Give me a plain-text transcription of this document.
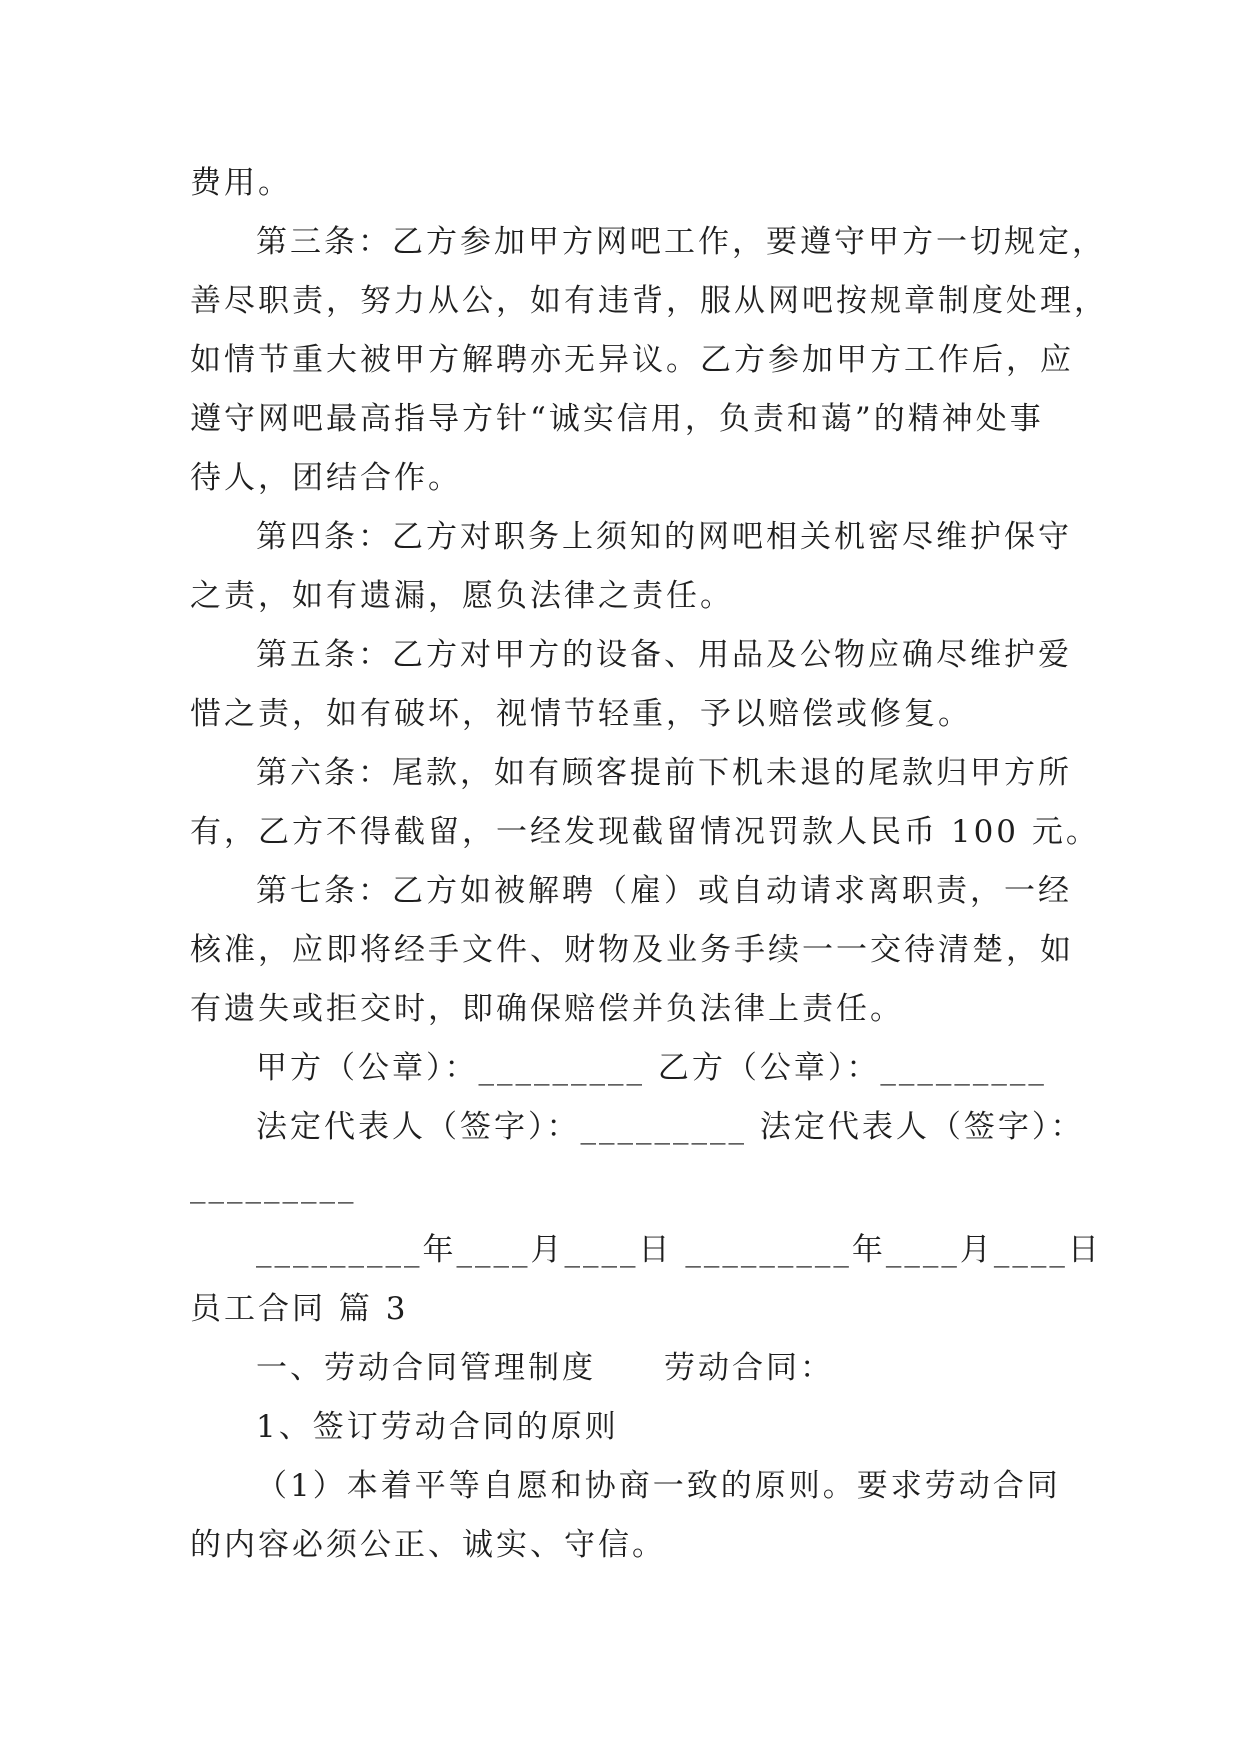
费用。
第三条：乙方参加甲方网吧工作，要遵守甲方一切规定，
善尽职责，努力从公，如有违背，服从网吧按规章制度处理，
如情节重大被甲方解聘亦无异议。乙方参加甲方工作后，应
遵守网吧最高指导方针“诚实信用，负责和蔼”的精神处事
待人，团结合作。
第四条：乙方对职务上须知的网吧相关机密尽维护保守
之责，如有遗漏，愿负法律之责任。
第五条：乙方对甲方的设备、用品及公物应确尽维护爱
惜之责，如有破坏，视情节轻重，予以赔偿或修复。
第六条：尾款，如有顾客提前下机未退的尾款归甲方所
有，乙方不得截留，一经发现截留情况罚款人民币 100 元。
第七条：乙方如被解聘（雇）或自动请求离职责，一经
核准，应即将经手文件、财物及业务手续一一交待清楚，如
有遗失或拒交时，即确保赔偿并负法律上责任。
甲方（公章）：_________ 乙方（公章）：_________
法定代表人（签字）：_________ 法定代表人（签字）：
_________
_________年____月____日 _________年____月____日
员工合同 篇 3
一、劳动合同管理制度　　劳动合同：
1、签订劳动合同的原则
（1）本着平等自愿和协商一致的原则。要求劳动合同
的内容必须公正、诚实、守信。
